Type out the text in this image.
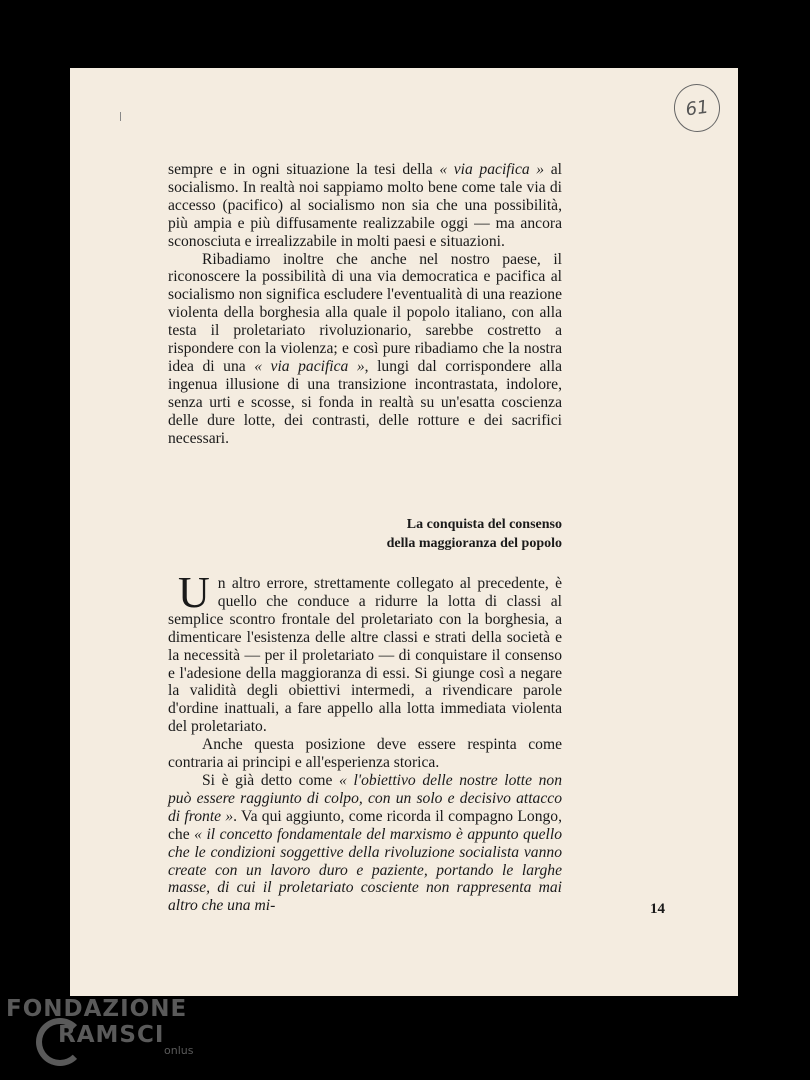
61

sempre e in ogni situazione la tesi della « via pacifica » al socialismo. In realtà noi sappiamo molto bene come tale via di accesso (pacifico) al socialismo non sia che una possibilità, più ampia e più diffusamente realizzabile oggi — ma ancora sconosciuta e irrealizzabile in molti paesi e situazioni.

Ribadiamo inoltre che anche nel nostro paese, il riconoscere la possibilità di una via democratica e pacifica al socialismo non significa escludere l'eventualità di una reazione violenta della borghesia alla quale il popolo italiano, con alla testa il proletariato rivoluzionario, sarebbe costretto a rispondere con la violenza; e così pure ribadiamo che la nostra idea di una « via pacifica », lungi dal corrispondere alla ingenua illusione di una transizione incontrastata, indolore, senza urti e scosse, si fonda in realtà su un'esatta coscienza delle dure lotte, dei contrasti, delle rotture e dei sacrifici necessari.

La conquista del consenso
della maggioranza del popolo

Un altro errore, strettamente collegato al precedente, è quello che conduce a ridurre la lotta di classi al semplice scontro frontale del proletariato con la borghesia, a dimenticare l'esistenza delle altre classi e strati della società e la necessità — per il proletariato — di conquistare il consenso e l'adesione della maggioranza di essi. Si giunge così a negare la validità degli obiettivi intermedi, a rivendicare parole d'ordine inattuali, a fare appello alla lotta immediata violenta del proletariato.

Anche questa posizione deve essere respinta come contraria ai principi e all'esperienza storica.

Si è già detto come « l'obiettivo delle nostre lotte non può essere raggiunto di colpo, con un solo e decisivo attacco di fronte ». Va qui aggiunto, come ricorda il compagno Longo, che « il concetto fondamentale del marxismo è appunto quello che le condizioni soggettive della rivoluzione socialista vanno create con un lavoro duro e paziente, portando le larghe masse, di cui il proletariato cosciente non rappresenta mai altro che una mi-	14
FONDAZIONE
RAMSCI
onlus
